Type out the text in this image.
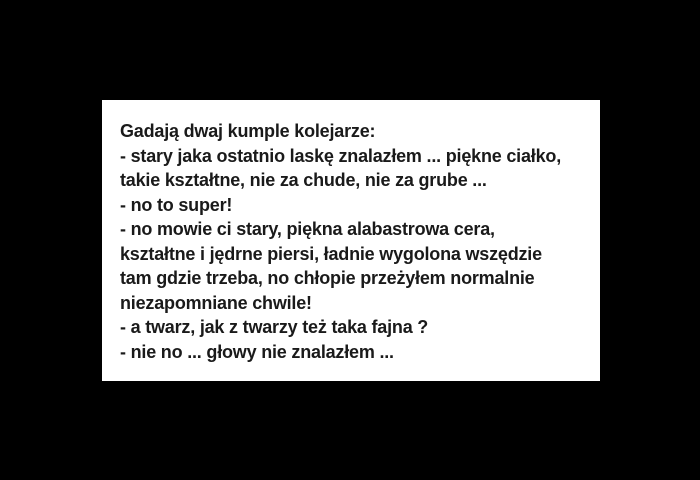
Gadają dwaj kumple kolejarze:
- stary jaka ostatnio laskę znalazłem ... piękne ciałko,
takie kształtne, nie za chude, nie za grube ...
- no to super!
- no mowie ci stary, piękna alabastrowa cera,
kształtne i jędrne piersi, ładnie wygolona wszędzie
tam gdzie trzeba, no chłopie przeżyłem normalnie
niezapomniane chwile!
- a twarz, jak z twarzy też taka fajna ?
- nie no ... głowy nie znalazłem ...
